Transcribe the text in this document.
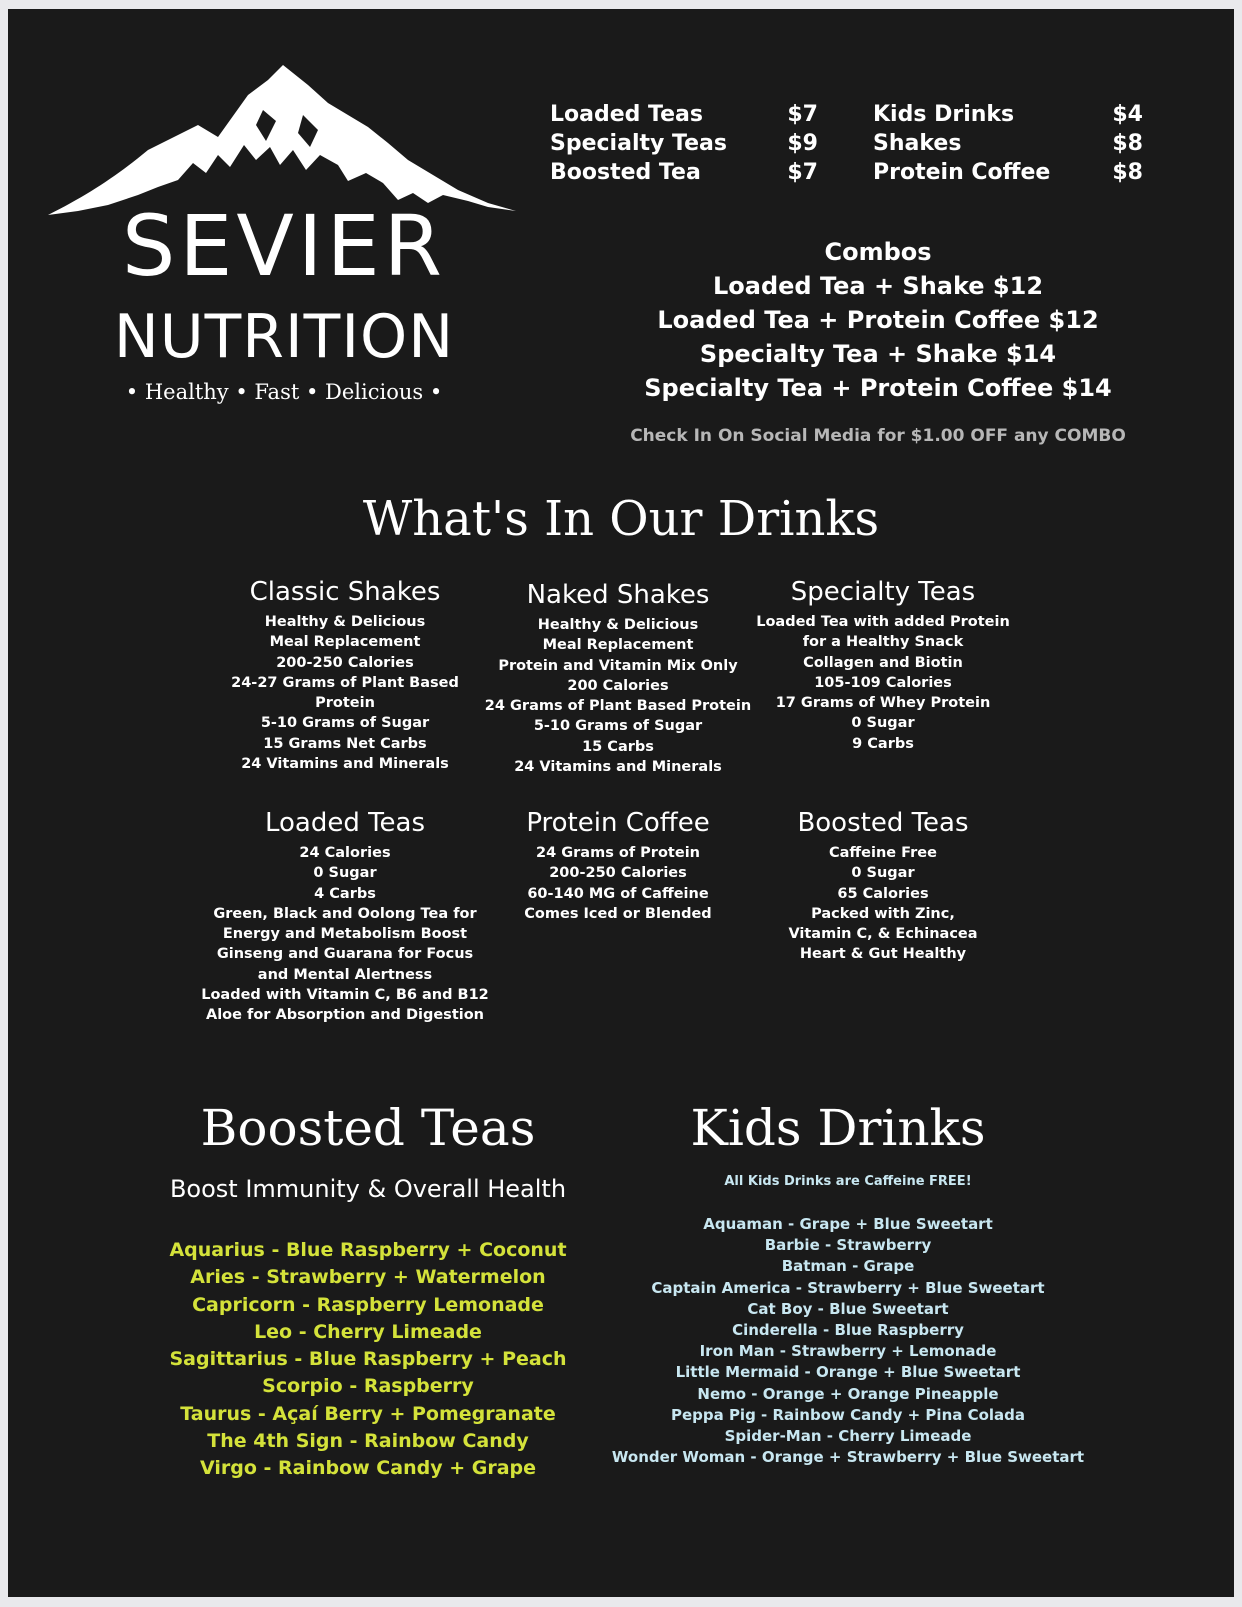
SEVIER
NUTRITION
• Healthy • Fast • Delicious •
Loaded Teas	$7
Specialty Teas	$9
Boosted Tea	$7
Kids Drinks	$4
Shakes	$8
Protein Coffee	$8
Combos
Loaded Tea + Shake $12
Loaded Tea + Protein Coffee $12
Specialty Tea + Shake $14
Specialty Tea + Protein Coffee $14
Check In On Social Media for $1.00 OFF any COMBO
What's In Our Drinks
Classic Shakes
Healthy & Delicious
Meal Replacement
200-250 Calories
24-27 Grams of Plant Based Protein
5-10 Grams of Sugar
15 Grams Net Carbs
24 Vitamins and Minerals
Naked Shakes
Healthy & Delicious
Meal Replacement
Protein and Vitamin Mix Only
200 Calories
24 Grams of Plant Based Protein
5-10 Grams of Sugar
15 Carbs
24 Vitamins and Minerals
Specialty Teas
Loaded Tea with added Protein
for a Healthy Snack
Collagen and Biotin
105-109 Calories
17 Grams of Whey Protein
0 Sugar
9 Carbs
Loaded Teas
24 Calories
0 Sugar
4 Carbs
Green, Black and Oolong Tea for
Energy and Metabolism Boost
Ginseng and Guarana for Focus
and Mental Alertness
Loaded with Vitamin C, B6 and B12
Aloe for Absorption and Digestion
Protein Coffee
24 Grams of Protein
200-250 Calories
60-140 MG of Caffeine
Comes Iced or Blended
Boosted Teas
Caffeine Free
0 Sugar
65 Calories
Packed with Zinc,
Vitamin C, & Echinacea
Heart & Gut Healthy
Boosted Teas
Boost Immunity & Overall Health
Aquarius - Blue Raspberry + Coconut
Aries - Strawberry + Watermelon
Capricorn - Raspberry Lemonade
Leo - Cherry Limeade
Sagittarius - Blue Raspberry + Peach
Scorpio - Raspberry
Taurus - Açaí Berry + Pomegranate
The 4th Sign - Rainbow Candy
Virgo - Rainbow Candy + Grape
Kids Drinks
All Kids Drinks are Caffeine FREE!
Aquaman - Grape + Blue Sweetart
Barbie - Strawberry
Batman - Grape
Captain America - Strawberry + Blue Sweetart
Cat Boy - Blue Sweetart
Cinderella - Blue Raspberry
Iron Man - Strawberry + Lemonade
Little Mermaid - Orange + Blue Sweetart
Nemo - Orange + Orange Pineapple
Peppa Pig - Rainbow Candy + Pina Colada
Spider-Man - Cherry Limeade
Wonder Woman - Orange + Strawberry + Blue Sweetart
